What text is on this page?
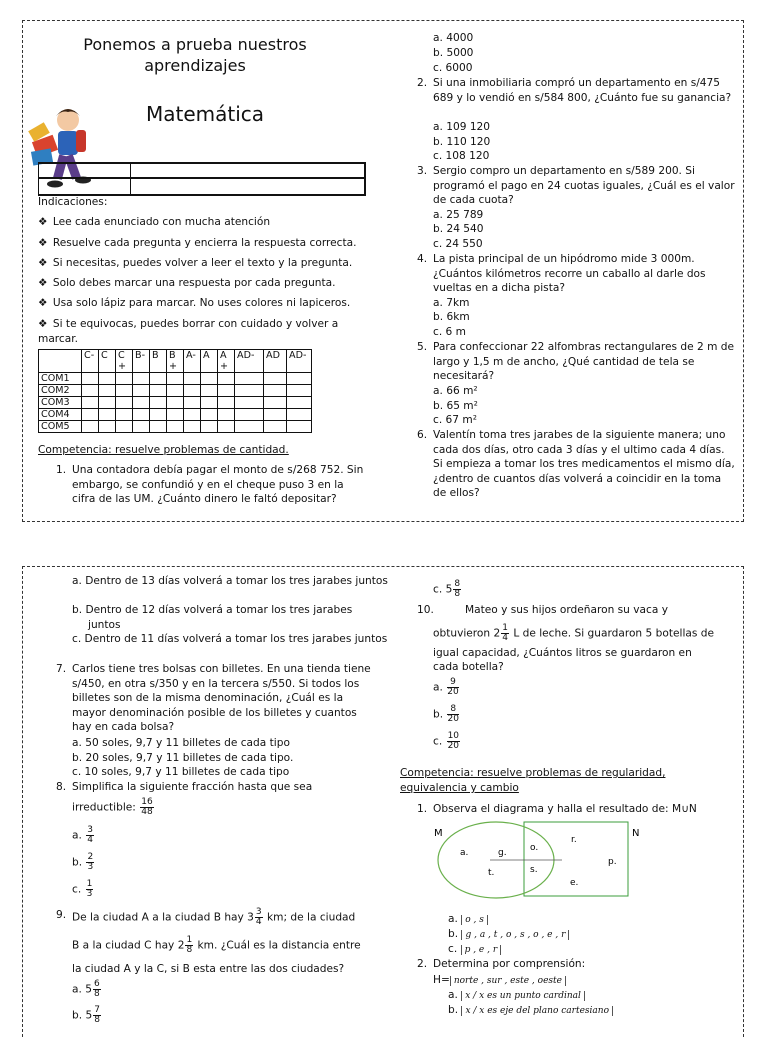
Ponemos a prueba nuestros aprendizajes
Matemática
Indicaciones:
❖ Lee cada enunciado con mucha atención
❖ Resuelve cada pregunta y encierra la respuesta correcta.
❖ Si necesitas, puedes volver a leer el texto y la pregunta.
❖ Solo debes marcar una respuesta por cada pregunta.
❖ Usa solo lápiz para marcar. No uses colores ni lapiceros.
❖ Si te equivocas, puedes borrar con cuidado y volver a marcar.
	C-	C	C +	B-	B	B +	A-	A	A +	AD-	AD	AD-
COM1												
COM2												
COM3												
COM4												
COM5												
Competencia: resuelve problemas de cantidad.
1. Una contadora debía pagar el monto de s/268 752. Sin embargo, se confundió y en el cheque puso 3 en la cifra de las UM. ¿Cuánto dinero le faltó depositar?
a. 4000
b. 5000
c. 6000
2. Si una inmobiliaria compró un departamento en s/475 689 y lo vendió en s/584 800, ¿Cuánto fue su ganancia?
a. 109 120
b. 110 120
c. 108 120
3. Sergio compro un departamento en s/589 200. Si programó el pago en 24 cuotas iguales, ¿Cuál es el valor de cada cuota?
a. 25 789
b. 24 540
c. 24 550
4. La pista principal de un hipódromo mide 3 000m. ¿Cuántos kilómetros recorre un caballo al darle dos vueltas en a dicha pista?
a. 7km
b. 6km
c. 6 m
5. Para confeccionar 22 alfombras rectangulares de 2 m de largo y 1,5 m de ancho, ¿Qué cantidad de tela se necesitará?
a. 66 m²
b. 65 m²
c. 67 m²
6. Valentín toma tres jarabes de la siguiente manera; uno cada dos días, otro cada 3 días y el ultimo cada 4 días. Si empieza a tomar los tres medicamentos el mismo día, ¿dentro de cuantos días volverá a coincidir en la toma de ellos?
a. Dentro de 13 días volverá a tomar los tres jarabes juntos
b. Dentro de 12 días volverá a tomar los tres jarabes juntos
c. Dentro de 11 días volverá a tomar los tres jarabes juntos
7. Carlos tiene tres bolsas con billetes. En una tienda tiene s/450, en otra s/350 y en la tercera s/550. Si todos los billetes son de la misma denominación, ¿Cuál es la mayor denominación posible de los billetes y cuantos hay en cada bolsa?
a. 50 soles, 9,7 y 11 billetes de cada tipo
b. 20 soles, 9,7 y 11 billetes de cada tipo.
c. 10 soles, 9,7 y 11 billetes de cada tipo
8. Simplifica la siguiente fracción hasta que sea
irreductible: $\frac{16}{48}$
a. $\frac{3}{4}$
b. $\frac{2}{3}$
c. $\frac{1}{3}$
9. De la ciudad A a la ciudad B hay $3 \frac{3}{4}$ km; de la ciudad
B a la ciudad C hay $2 \frac{1}{8}$ km. ¿Cuál es la distancia entre
la ciudad A y la C, si B esta entre las dos ciudades?
a. $5 \frac{6}{8}$
b. $5 \frac{7}{8}$
c. $5 \frac{8}{8}$
10.	Mateo y sus hijos ordeñaron su vaca y
obtuvieron $2 \frac{1}{4}$ L de leche. Si guardaron 5 botellas de
igual capacidad, ¿Cuántos litros se guardaron en
cada botella?
a. $\frac{9}{20}$
b. $\frac{8}{20}$
c. $\frac{10}{20}$
Competencia: resuelve problemas de regularidad,
equivalencia y cambio
1. Observa el diagrama y halla el resultado de: M∪N
M	N
a.	g.	o.
r.
p.
t.	s.
e.
a. o , s
b. g , a , t , o , s , o , e , r
c. p , e , r
2. Determina por comprensión:
H= norte , sur , este , oeste
a. x / x es un punto cardinal
b. x / x es eje del plano cartesiano
